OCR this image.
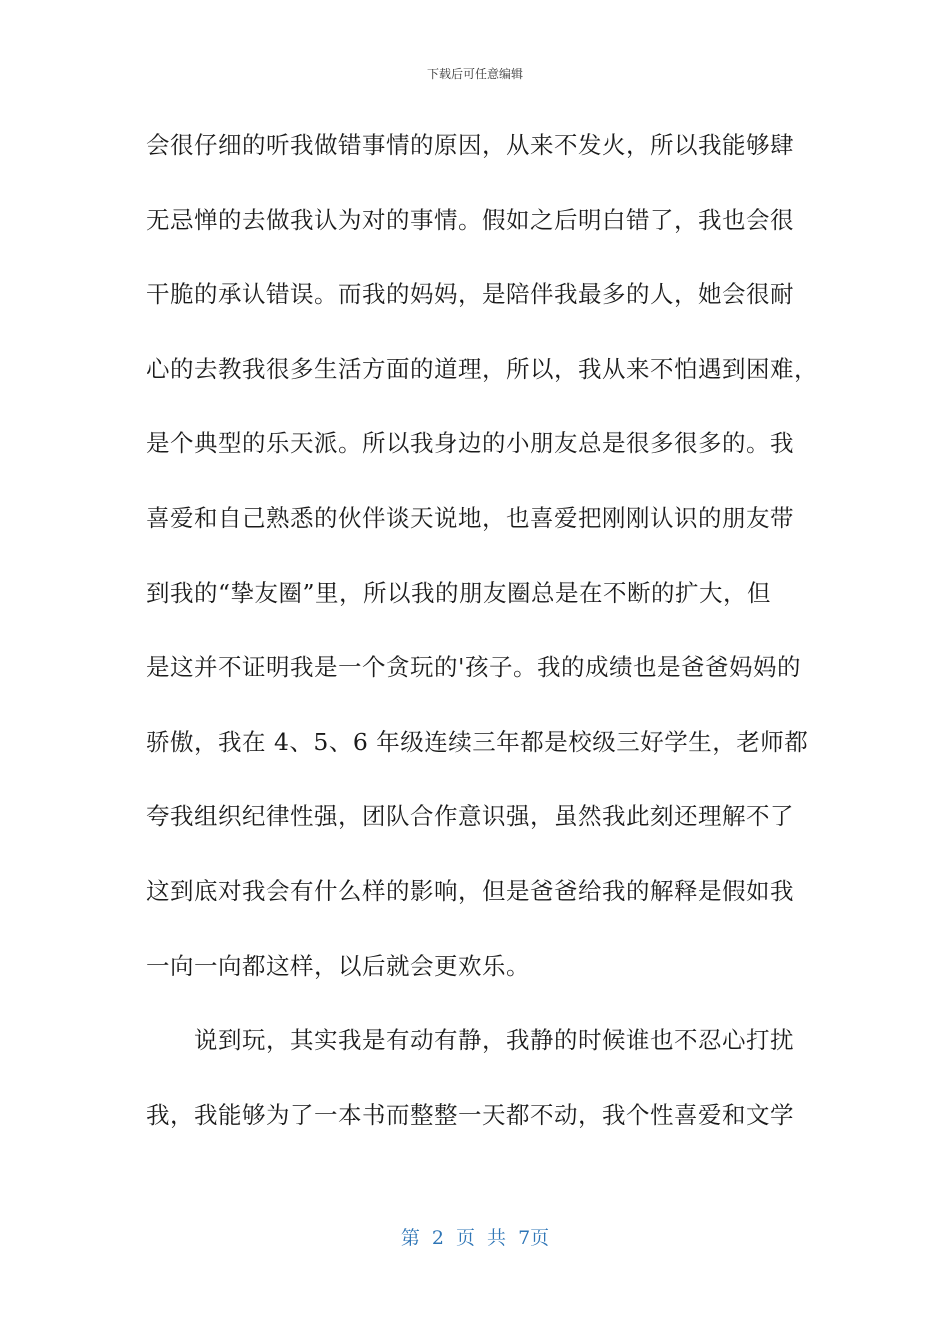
下载后可任意编辑
会很仔细的听我做错事情的原因，从来不发火，所以我能够肆
无忌惮的去做我认为对的事情。假如之后明白错了，我也会很
干脆的承认错误。而我的妈妈，是陪伴我最多的人，她会很耐
心的去教我很多生活方面的道理，所以，我从来不怕遇到困难，
是个典型的乐天派。所以我身边的小朋友总是很多很多的。我
喜爱和自己熟悉的伙伴谈天说地，也喜爱把刚刚认识的朋友带
到我的“挚友圈”里，所以我的朋友圈总是在不断的扩大，但
是这并不证明我是一个贪玩的'孩子。我的成绩也是爸爸妈妈的
骄傲，我在 4、5、6 年级连续三年都是校级三好学生，老师都
夸我组织纪律性强，团队合作意识强，虽然我此刻还理解不了
这到底对我会有什么样的影响，但是爸爸给我的解释是假如我
一向一向都这样，以后就会更欢乐。
说到玩，其实我是有动有静，我静的时候谁也不忍心打扰
我，我能够为了一本书而整整一天都不动，我个性喜爱和文学
第 2 页 共 7页
